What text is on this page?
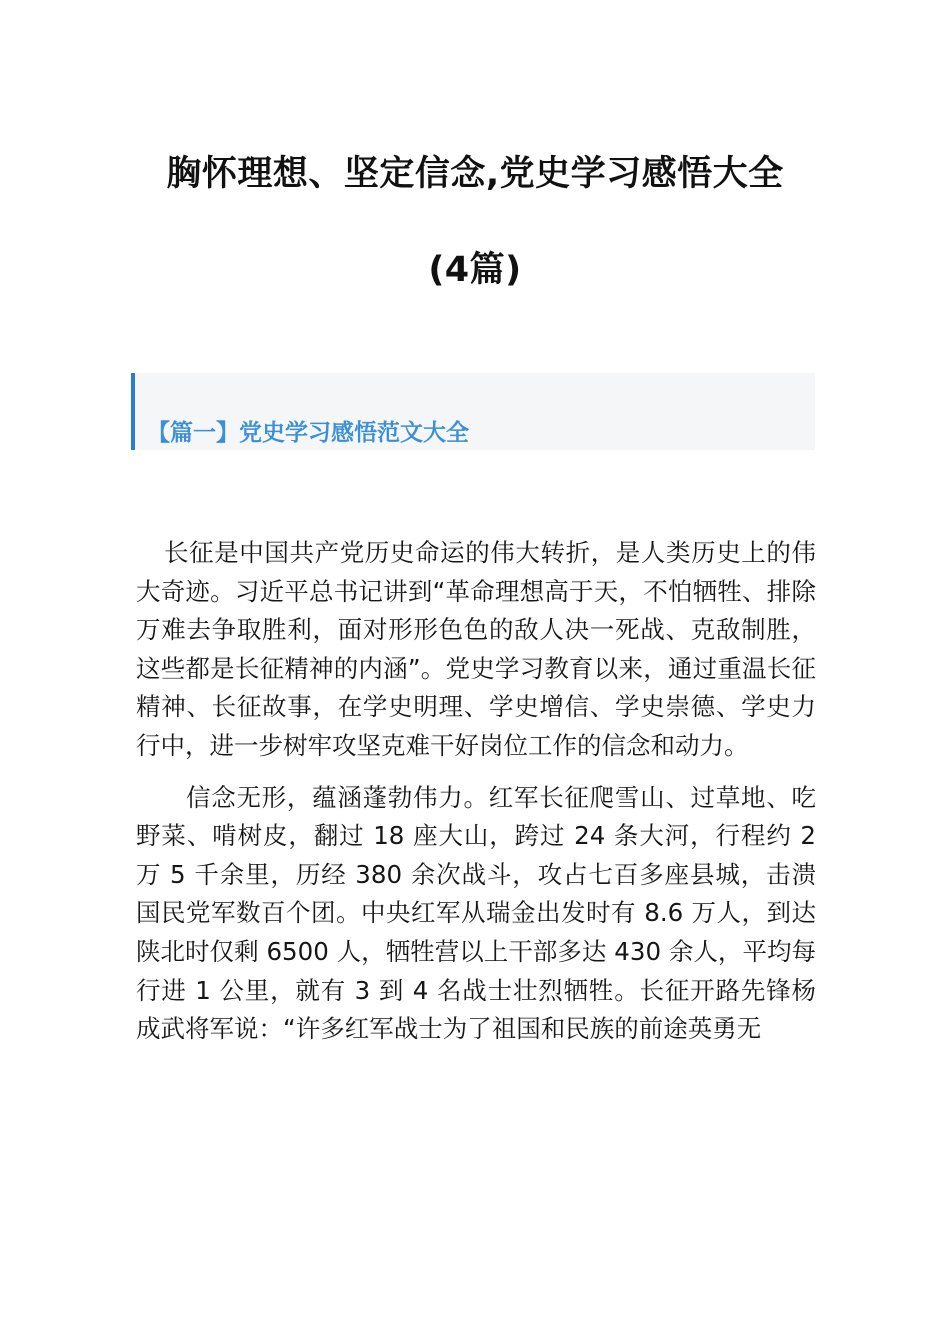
胸怀理想、坚定信念,党史学习感悟大全(4篇)
【篇一】党史学习感悟范文大全

长征是中国共产党历史命运的伟大转折，是人类历史上的伟大奇迹。习近平总书记讲到“革命理想高于天，不怕牺牲、排除万难去争取胜利，面对形形色色的敌人决一死战、克敌制胜，这些都是长征精神的内涵”。党史学习教育以来，通过重温长征精神、长征故事，在学史明理、学史增信、学史崇德、学史力行中，进一步树牢攻坚克难干好岗位工作的信念和动力。

信念无形，蕴涵蓬勃伟力。红军长征爬雪山、过草地、吃野菜、啃树皮，翻过 18 座大山，跨过 24 条大河，行程约 2 万 5 千余里，历经 380 余次战斗，攻占七百多座县城，击溃国民党军数百个团。中央红军从瑞金出发时有 8.6 万人，到达陕北时仅剩 6500 人，牺牲营以上干部多达 430 余人，平均每行进 1 公里，就有 3 到 4 名战士壮烈牺牲。长征开路先锋杨成武将军说：“许多红军战士为了祖国和民族的前途英勇无
